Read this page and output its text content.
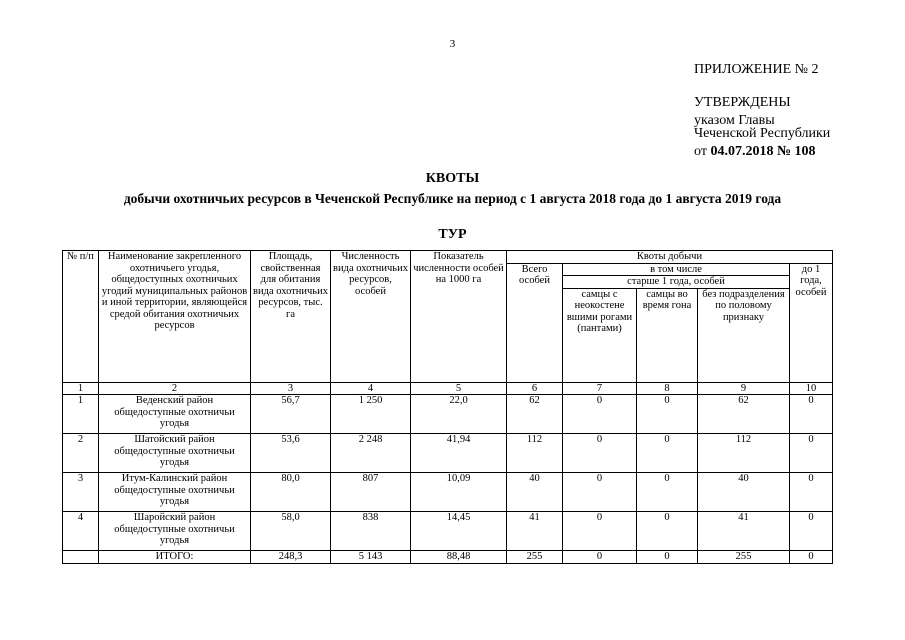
3
ПРИЛОЖЕНИЕ № 2
УТВЕРЖДЕНЫ
указом Главы
Чеченской Республики
от 04.07.2018 № 108
КВОТЫ
добычи охотничьих ресурсов в Чеченской Республике на период с 1 августа 2018 года до 1 августа 2019 года
ТУР
№ п/п	Наименование закрепленного охотничьего угодья, общедоступных охотничьих угодий муниципальных районов и иной территории, являющейся средой обитания охотничьих ресурсов	Площадь, свойственная для обитания вида охотничьих ресурсов, тыс. га	Численность вида охотничьих ресурсов, особей	Показатель численности особей на 1000 га	Квоты добычи				
					Всего особей	в том числе			до 1 года, особей
						старше 1 года, особей			
						самцы с неокостене вшими рогами (пантами)	самцы во время гона	без подразделения по половому признаку	
1	2	3	4	5	6	7	8	9	10
1	Веденский район общедоступные охотничьи угодья	56,7	1 250	22,0	62	0	0	62	0
2	Шатойский район общедоступные охотничьи угодья	53,6	2 248	41,94	112	0	0	112	0
3	Итум-Калинский район общедоступные охотничьи угодья	80,0	807	10,09	40	0	0	40	0
4	Шаройский район общедоступные охотничьи угодья	58,0	838	14,45	41	0	0	41	0
	ИТОГО:	248,3	5 143	88,48	255	0	0	255	0
